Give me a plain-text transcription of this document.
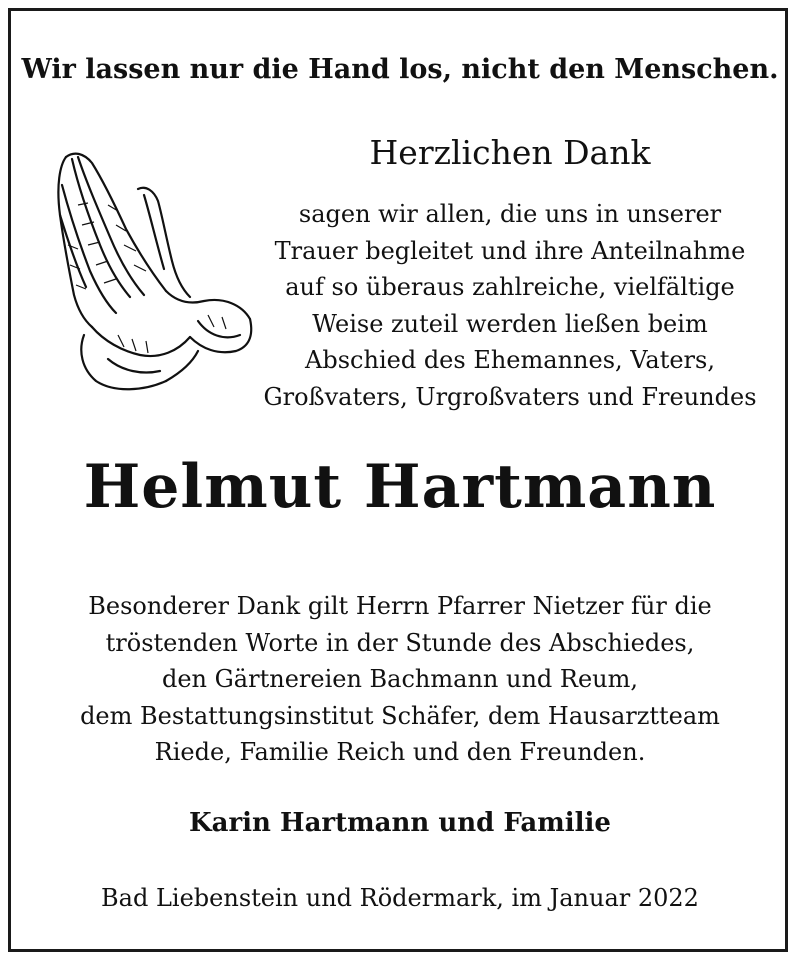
Wir lassen nur die Hand los, nicht den Menschen.
Herzlichen Dank
sagen wir allen, die uns in unserer
Trauer begleitet und ihre Anteilnahme
auf so überaus zahlreiche, vielfältige
Weise zuteil werden ließen beim
Abschied des Ehemannes, Vaters,
Großvaters, Urgroßvaters und Freundes
Helmut Hartmann
Besonderer Dank gilt Herrn Pfarrer Nietzer für die
tröstenden Worte in der Stunde des Abschiedes,
den Gärtnereien Bachmann und Reum,
dem Bestattungsinstitut Schäfer, dem Hausarztteam
Riede, Familie Reich und den Freunden.
Karin Hartmann und Familie
Bad Liebenstein und Rödermark, im Januar 2022
